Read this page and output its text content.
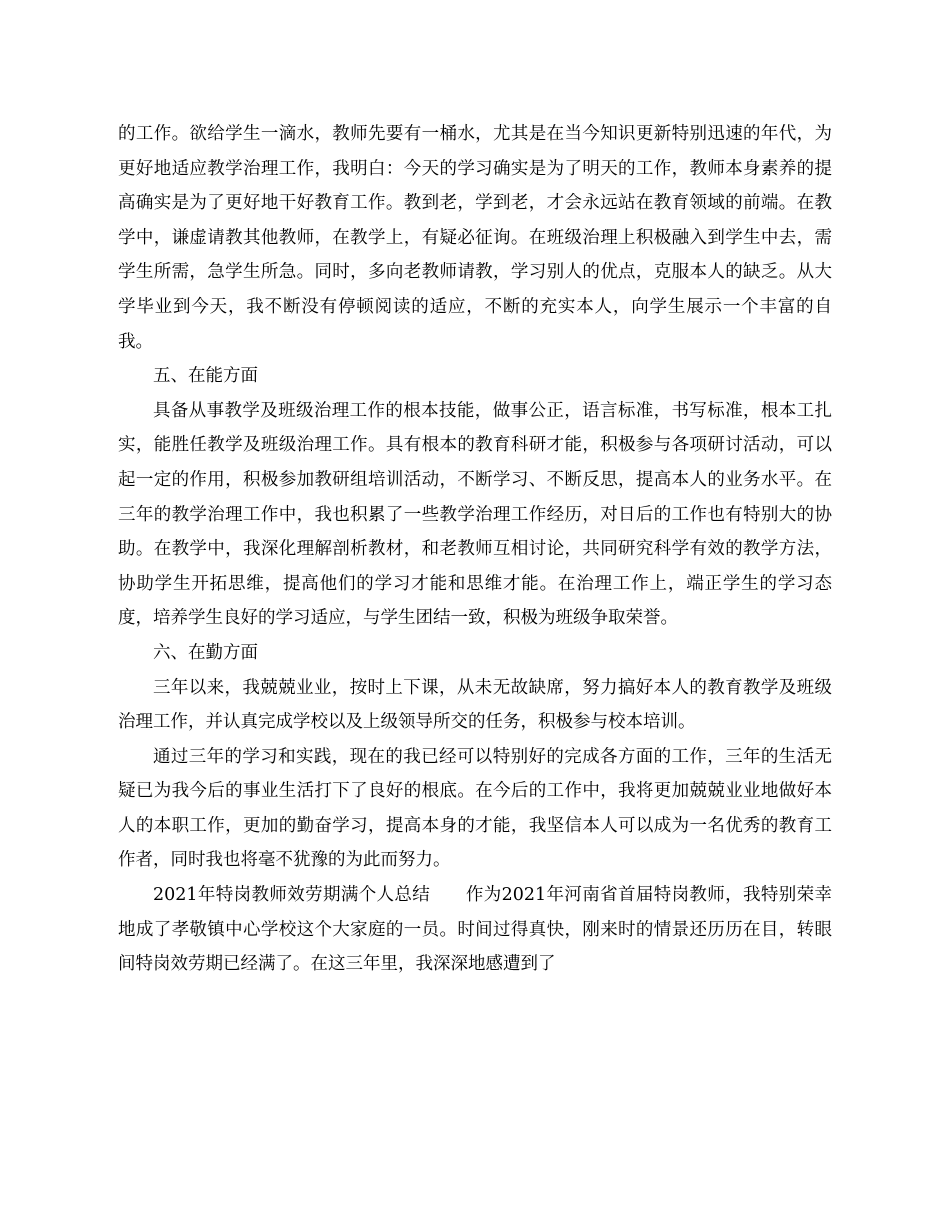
的工作。欲给学生一滴水，教师先要有一桶水，尤其是在当今知识更新特别迅速的年代，为更好地适应教学治理工作，我明白：今天的学习确实是为了明天的工作，教师本身素养的提高确实是为了更好地干好教育工作。教到老，学到老，才会永远站在教育领域的前端。在教学中，谦虚请教其他教师，在教学上，有疑必征询。在班级治理上积极融入到学生中去，需学生所需，急学生所急。同时，多向老教师请教，学习别人的优点，克服本人的缺乏。从大学毕业到今天，我不断没有停顿阅读的适应，不断的充实本人，向学生展示一个丰富的自我。

五、在能方面

具备从事教学及班级治理工作的根本技能，做事公正，语言标准，书写标准，根本工扎实，能胜任教学及班级治理工作。具有根本的教育科研才能，积极参与各项研讨活动，可以起一定的作用，积极参加教研组培训活动，不断学习、不断反思，提高本人的业务水平。在三年的教学治理工作中，我也积累了一些教学治理工作经历，对日后的工作也有特别大的协助。在教学中，我深化理解剖析教材，和老教师互相讨论，共同研究科学有效的教学方法，协助学生开拓思维，提高他们的学习才能和思维才能。在治理工作上，端正学生的学习态度，培养学生良好的学习适应，与学生团结一致，积极为班级争取荣誉。

六、在勤方面

三年以来，我兢兢业业，按时上下课，从未无故缺席，努力搞好本人的教育教学及班级治理工作，并认真完成学校以及上级领导所交的任务，积极参与校本培训。

通过三年的学习和实践，现在的我已经可以特别好的完成各方面的工作，三年的生活无疑已为我今后的事业生活打下了良好的根底。在今后的工作中，我将更加兢兢业业地做好本人的本职工作，更加的勤奋学习，提高本身的才能，我坚信本人可以成为一名优秀的教育工作者，同时我也将毫不犹豫的为此而努力。

2021年特岗教师效劳期满个人总结　　作为2021年河南省首届特岗教师，我特别荣幸地成了孝敬镇中心学校这个大家庭的一员。时间过得真快，刚来时的情景还历历在目，转眼间特岗效劳期已经满了。在这三年里，我深深地感遭到了
